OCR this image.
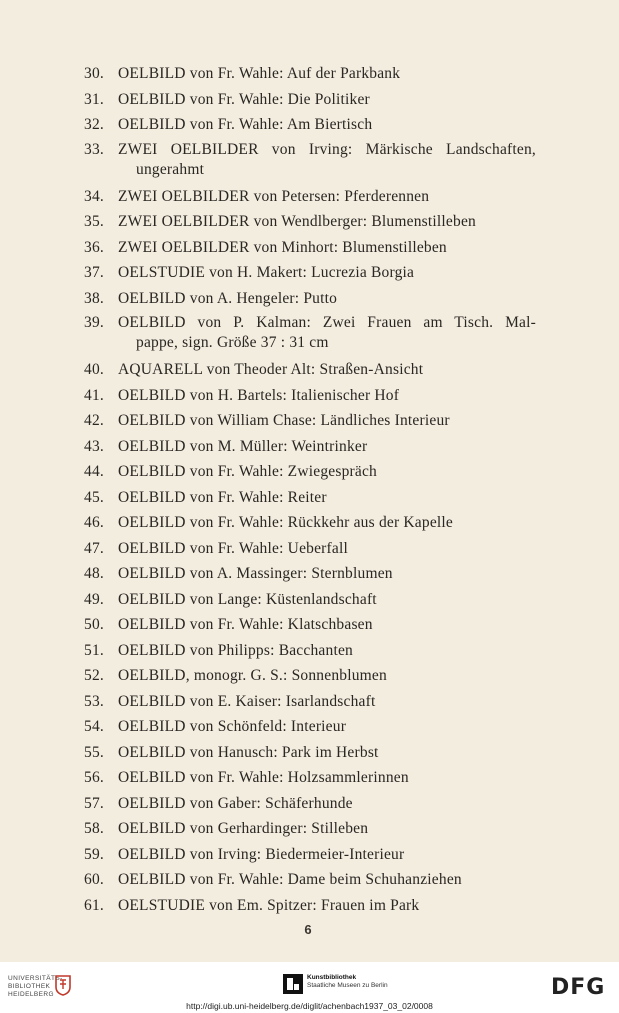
30. OELBILD von Fr. Wahle: Auf der Parkbank
31. OELBILD von Fr. Wahle: Die Politiker
32. OELBILD von Fr. Wahle: Am Biertisch
33. ZWEI OELBILDER von Irving: Märkische Landschaften,
ungerahmt
34. ZWEI OELBILDER von Petersen: Pferderennen
35. ZWEI OELBILDER von Wendlberger: Blumenstilleben
36. ZWEI OELBILDER von Minhort: Blumenstilleben
37. OELSTUDIE von H. Makert: Lucrezia Borgia
38. OELBILD von A. Hengeler: Putto
39. OELBILD von P. Kalman: Zwei Frauen am Tisch. Mal-
pappe, sign. Größe 37 : 31 cm
40. AQUARELL von Theoder Alt: Straßen-Ansicht
41. OELBILD von H. Bartels: Italienischer Hof
42. OELBILD von William Chase: Ländliches Interieur
43. OELBILD von M. Müller: Weintrinker
44. OELBILD von Fr. Wahle: Zwiegespräch
45. OELBILD von Fr. Wahle: Reiter
46. OELBILD von Fr. Wahle: Rückkehr aus der Kapelle
47. OELBILD von Fr. Wahle: Ueberfall
48. OELBILD von A. Massinger: Sternblumen
49. OELBILD von Lange: Küstenlandschaft
50. OELBILD von Fr. Wahle: Klatschbasen
51. OELBILD von Philipps: Bacchanten
52. OELBILD, monogr. G. S.: Sonnenblumen
53. OELBILD von E. Kaiser: Isarlandschaft
54. OELBILD von Schönfeld: Interieur
55. OELBILD von Hanusch: Park im Herbst
56. OELBILD von Fr. Wahle: Holzsammlerinnen
57. OELBILD von Gaber: Schäferhunde
58. OELBILD von Gerhardinger: Stilleben
59. OELBILD von Irving: Biedermeier-Interieur
60. OELBILD von Fr. Wahle: Dame beim Schuhanziehen
61. OELSTUDIE von Em. Spitzer: Frauen im Park
6
UNIVERSITÄTS-
BIBLIOTHEK
HEIDELBERG
Kunstbibliothek
Staatliche Museen zu Berlin	DFG
http://digi.ub.uni-heidelberg.de/diglit/achenbach1937_03_02/0008
